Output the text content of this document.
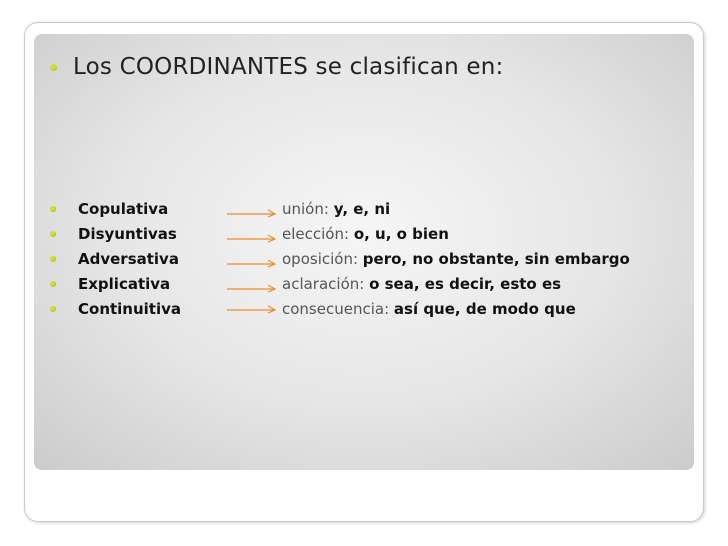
Los COORDINANTES se clasifican en:
Copulativa	unión: y, e, ni
Disyuntivas	elección: o, u, o bien
Adversativa	oposición: pero, no obstante, sin embargo
Explicativa	aclaración: o sea, es decir, esto es
Continuitiva	consecuencia: así que, de modo que
